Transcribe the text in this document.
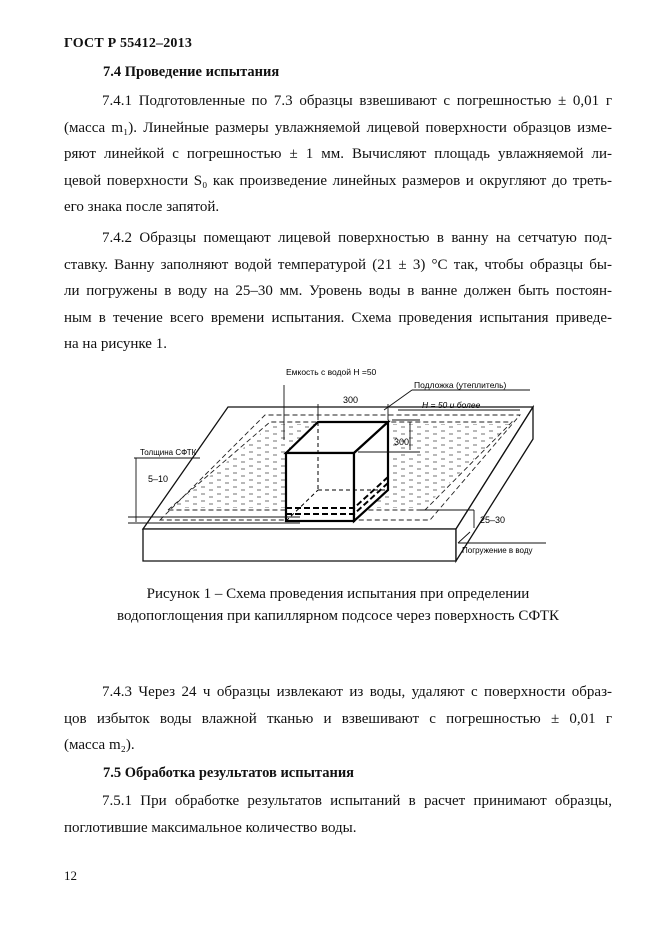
ГОСТ Р 55412–2013
7.4 Проведение испытания
7.4.1 Подготовленные по 7.3 образцы взвешивают с погрешностью ± 0,01 г
(масса m₁). Линейные размеры увлажняемой лицевой поверхности образцов изме-
ряют линейкой с погрешностью ± 1 мм. Вычисляют площадь увлажняемой ли-
цевой поверхности S₀ как произведение линейных размеров и округляют до треть-
его знака после запятой.
7.4.2 Образцы помещают лицевой поверхностью в ванну на сетчатую под-
ставку. Ванну заполняют водой температурой (21 ± 3) °C так, чтобы образцы бы-
ли погружены в воду на 25–30 мм. Уровень воды в ванне должен быть постоян-
ным в течение всего времени испытания. Схема проведения испытания приведе-
на на рисунке 1.
Емкость с водой H =50
Подложка (утеплитель)
H = 50 и более
300
300
Толщина СФТК
5–10
25–30
Погружение в воду
Рисунок 1 – Схема проведения испытания при определении
водопоглощения при капиллярном подсосе через поверхность СФТК
7.4.3 Через 24 ч образцы извлекают из воды, удаляют с поверхности образ-
цов избыток воды влажной тканью и взвешивают с погрешностью ± 0,01 г
(масса m₂).
7.5 Обработка результатов испытания
7.5.1 При обработке результатов испытаний в расчет принимают образцы,
поглотившие максимальное количество воды.
12
